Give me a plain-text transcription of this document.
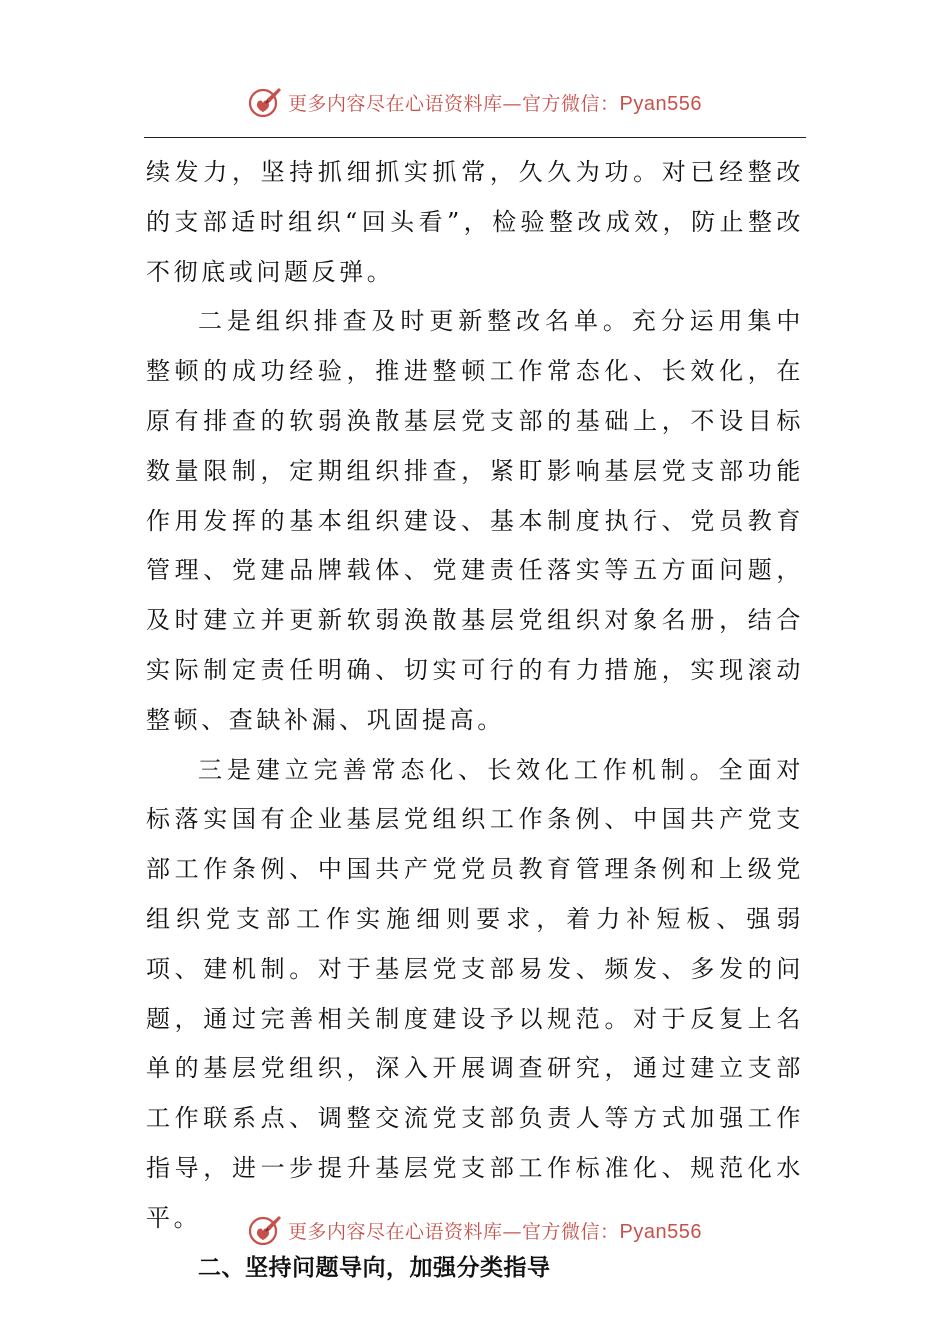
更多内容尽在心语资料库—官方微信：Pyan556

续发力，坚持抓细抓实抓常，久久为功。对已经整改的支部适时组织“回头看”，检验整改成效，防止整改不彻底或问题反弹。

二是组织排查及时更新整改名单。充分运用集中整顿的成功经验，推进整顿工作常态化、长效化，在原有排查的软弱涣散基层党支部的基础上，不设目标数量限制，定期组织排查，紧盯影响基层党支部功能作用发挥的基本组织建设、基本制度执行、党员教育管理、党建品牌载体、党建责任落实等五方面问题，及时建立并更新软弱涣散基层党组织对象名册，结合实际制定责任明确、切实可行的有力措施，实现滚动整顿、查缺补漏、巩固提高。

三是建立完善常态化、长效化工作机制。全面对标落实国有企业基层党组织工作条例、中国共产党支部工作条例、中国共产党党员教育管理条例和上级党组织党支部工作实施细则要求，着力补短板、强弱项、建机制。对于基层党支部易发、频发、多发的问题，通过完善相关制度建设予以规范。对于反复上名单的基层党组织，深入开展调查研究，通过建立支部工作联系点、调整交流党支部负责人等方式加强工作指导，进一步提升基层党支部工作标准化、规范化水平。

二、坚持问题导向，加强分类指导

更多内容尽在心语资料库—官方微信：Pyan556
